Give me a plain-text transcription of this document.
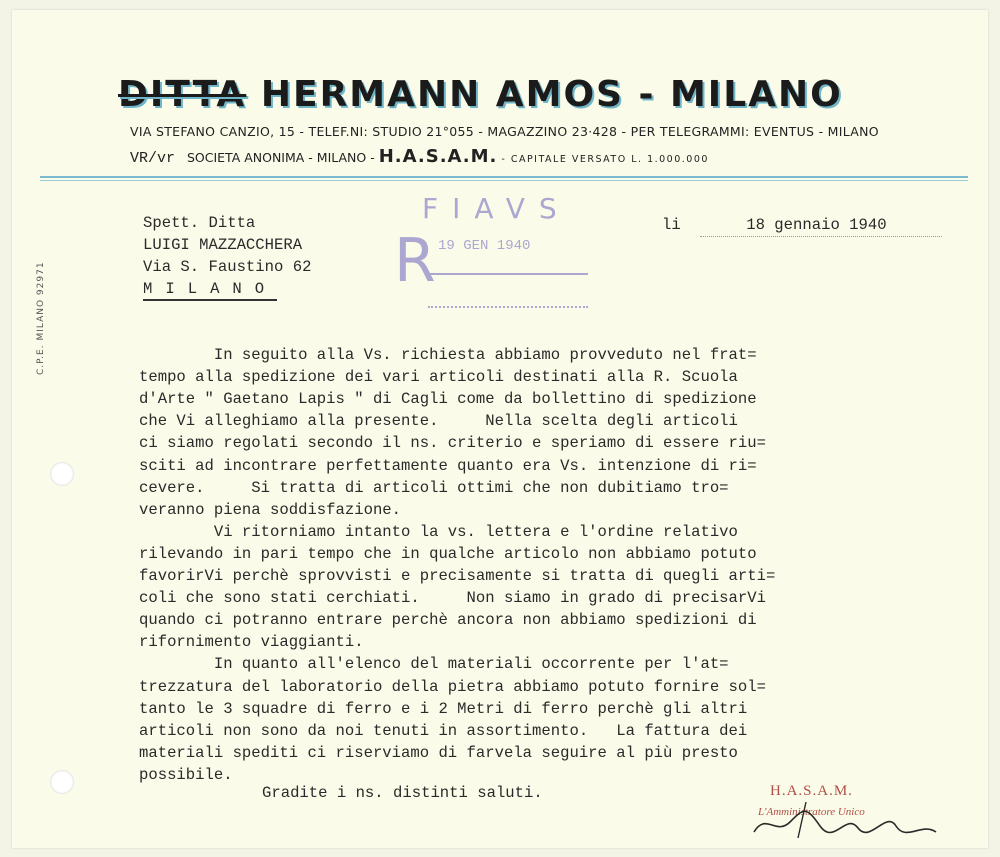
DITTA HERMANN AMOS - MILANO
VIA STEFANO CANZIO, 15 - TELEF.NI: STUDIO 21°055 - MAGAZZINO 23·428 - PER TELEGRAMMI: EVENTUS - MILANO
VR/vr SOCIETA ANONIMA - MILANO - H.A.S.A.M. - CAPITALE VERSATO L. 1.000.000
C.P.E. MILANO 92971
Spett. Ditta
LUIGI MAZZACCHERA
Via S. Faustino 62
MILANO
li	18 gennaio 1940
FIAVS
R 19 GEN 1940
In seguito alla Vs. richiesta abbiamo provveduto nel frat=
tempo alla spedizione dei vari articoli destinati alla R. Scuola
d'Arte " Gaetano Lapis " di Cagli come da bollettino di spedizione
che Vi alleghiamo alla presente.     Nella scelta degli articoli
ci siamo regolati secondo il ns. criterio e speriamo di essere riu=
sciti ad incontrare perfettamente quanto era Vs. intenzione di ri=
cevere.     Si tratta di articoli ottimi che non dubitiamo tro=
veranno piena soddisfazione.
Vi ritorniamo intanto la vs. lettera e l'ordine relativo
rilevando in pari tempo che in qualche articolo non abbiamo potuto
favorirVi perchè sprovvisti e precisamente si tratta di quegli arti=
coli che sono stati cerchiati.     Non siamo in grado di precisarVi
quando ci potranno entrare perchè ancora non abbiamo spedizioni di
rifornimento viaggianti.
In quanto all'elenco del materiali occorrente per l'at=
trezzatura del laboratorio della pietra abbiamo potuto fornire sol=
tanto le 3 squadre di ferro e i 2 Metri di ferro perchè gli altri
articoli non sono da noi tenuti in assortimento.   La fattura dei
materiali spediti ci riserviamo di farvela seguire al più presto
possibile.
Gradite i ns. distinti saluti.	H.A.S.A.M.
L'Amministratore Unico
